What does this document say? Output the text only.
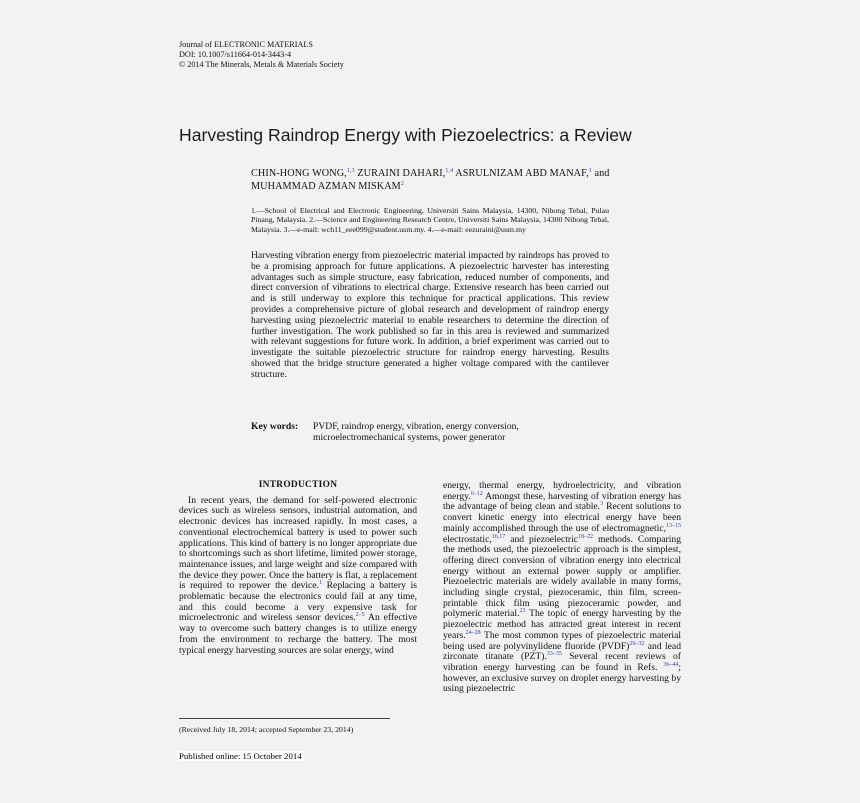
Journal of ELECTRONIC MATERIALS
DOI: 10.1007/s11664-014-3443-4
© 2014 The Minerals, Metals & Materials Society
Harvesting Raindrop Energy with Piezoelectrics: a Review
CHIN-HONG WONG,$^{1,3}$ ZURAINI DAHARI,$^{1,4}$ ASRULNIZAM ABD MANAF,$^1$ and MUHAMMAD AZMAN MISKAM$^2$
1.—School of Electrical and Electronic Engineering, Universiti Sains Malaysia, 14300, Nibong Tebal, Pulau Pinang, Malaysia. 2.—Science and Engineering Research Centre, Universiti Sains Malaysia, 14300 Nibong Tebal, Malaysia. 3.—e-mail: wch11_eee099@student.usm.my. 4.—e-mail: eezuraini@usm.my
Harvesting vibration energy from piezoelectric material impacted by raindrops has proved to be a promising approach for future applications. A piezoelectric harvester has interesting advantages such as simple structure, easy fabrication, reduced number of components, and direct conversion of vibrations to electrical charge. Extensive research has been carried out and is still underway to explore this technique for practical applications. This review provides a comprehensive picture of global research and development of raindrop energy harvesting using piezoelectric material to enable researchers to determine the direction of further investigation. The work published so far in this area is reviewed and summarized with relevant suggestions for future work. In addition, a brief experiment was carried out to investigate the suitable piezoelectric structure for raindrop energy harvesting. Results showed that the bridge structure generated a higher voltage compared with the cantilever structure.
Key words:	PVDF, raindrop energy, vibration, energy conversion, microelectromechanical systems, power generator
INTRODUCTION
In recent years, the demand for self-powered electronic devices such as wireless sensors, industrial automation, and electronic devices has increased rapidly. In most cases, a conventional electrochemical battery is used to power such applications. This kind of battery is no longer appropriate due to shortcomings such as short lifetime, limited power storage, maintenance issues, and large weight and size compared with the device they power. Once the battery is flat, a replacement is required to repower the device.$^1$ Replacing a battery is problematic because the electronics could fail at any time, and this could become a very expensive task for microelectronic and wireless sensor devices.$^{2-5}$ An effective way to overcome such battery changes is to utilize energy from the environment to recharge the battery. The most typical energy harvesting sources are solar energy, wind
energy, thermal energy, hydroelectricity, and vibration energy.$^{6-12}$ Amongst these, harvesting of vibration energy has the advantage of being clean and stable.$^3$ Recent solutions to convert kinetic energy into electrical energy have been mainly accomplished through the use of electromagnetic,$^{13-15}$ electrostatic,$^{16,17}$ and piezoelectric$^{18-22}$ methods. Comparing the methods used, the piezoelectric approach is the simplest, offering direct conversion of vibration energy into electrical energy without an external power supply or amplifier. Piezoelectric materials are widely available in many forms, including single crystal, piezoceramic, thin film, screen-printable thick film using piezoceramic powder, and polymeric material.$^{23}$ The topic of energy harvesting by the piezoelectric method has attracted great interest in recent years.$^{24-28}$ The most common types of piezoelectric material being used are polyvinylidene fluoride (PVDF)$^{29-32}$ and lead zirconate titanate (PZT).$^{33-35}$ Several recent reviews of vibration energy harvesting can be found in Refs. $^{36-44}$; however, an exclusive survey on droplet energy harvesting by using piezoelectric
(Received July 18, 2014; accepted September 23, 2014)
Published online: 15 October 2014
